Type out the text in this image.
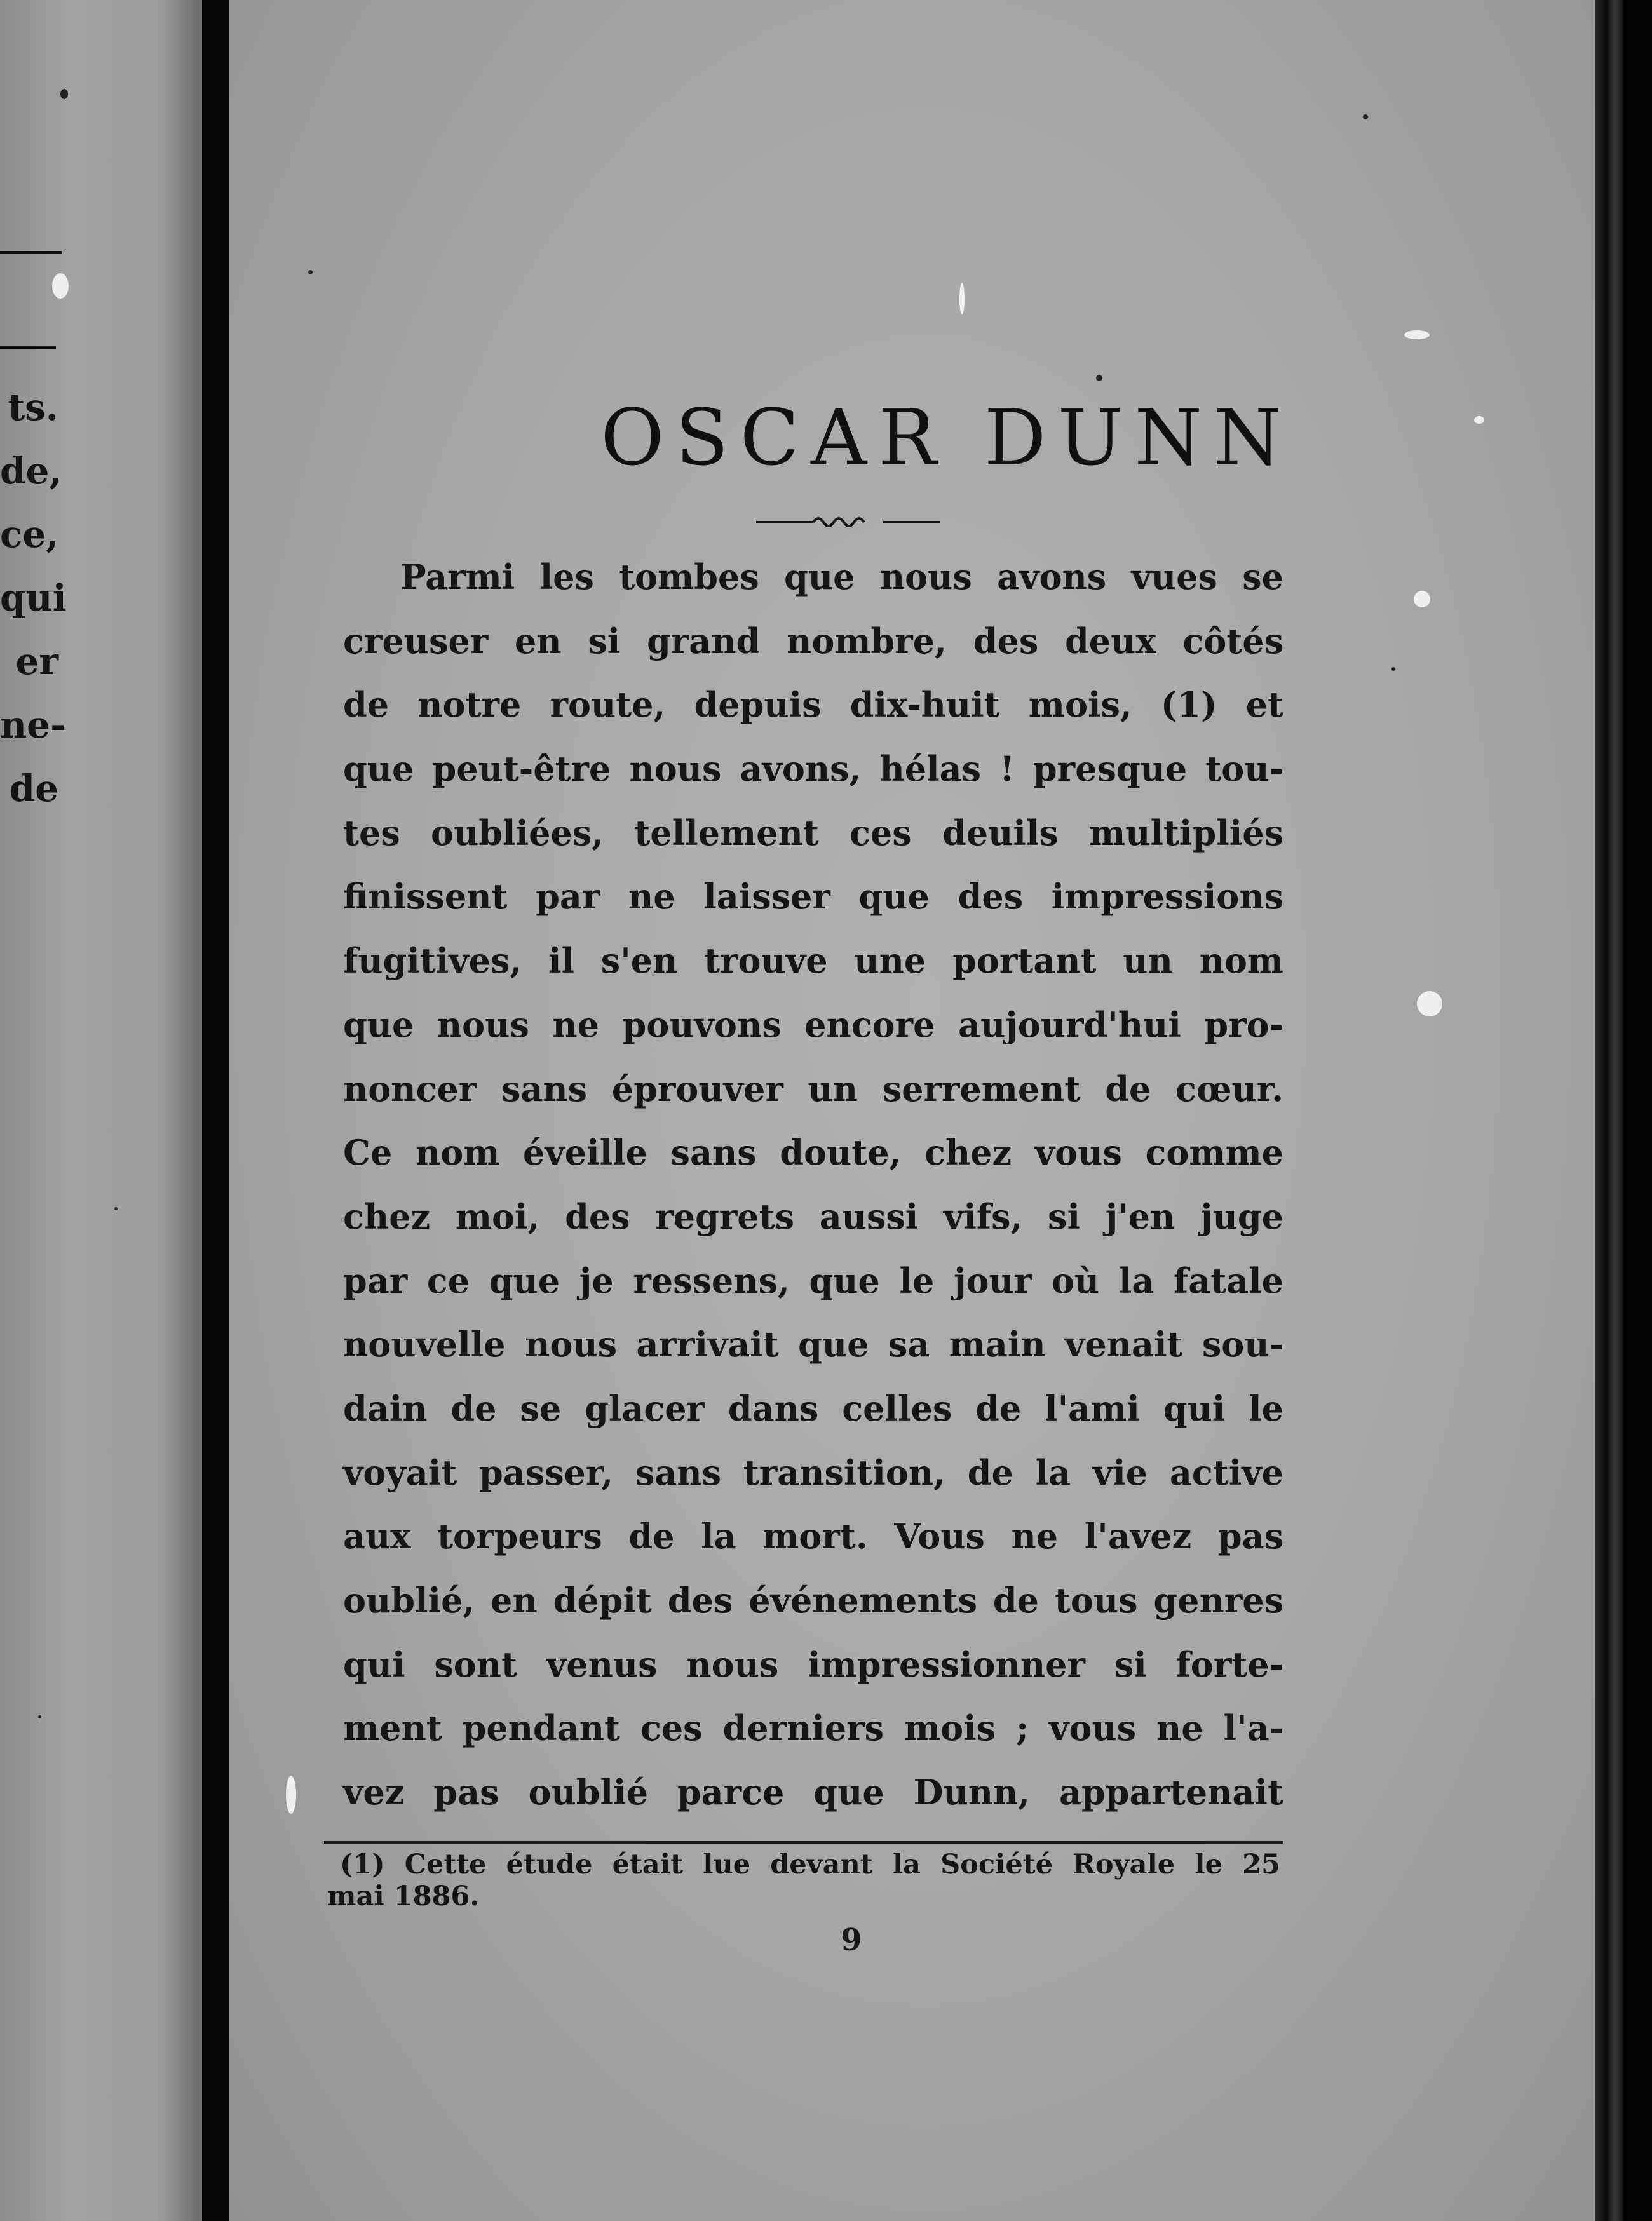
ts.
de,
ce,
qui
er
ne-
de
OSCAR DUNN
Parmi les tombes que nous avons vues se
creuser en si grand nombre, des deux côtés
de notre route, depuis dix-huit mois, (1) et
que peut-être nous avons, hélas ! presque tou-
tes oubliées, tellement ces deuils multipliés
finissent par ne laisser que des impressions
fugitives, il s'en trouve une portant un nom
que nous ne pouvons encore aujourd'hui pro-
noncer sans éprouver un serrement de cœur.
Ce nom éveille sans doute, chez vous comme
chez moi, des regrets aussi vifs, si j'en juge
par ce que je ressens, que le jour où la fatale
nouvelle nous arrivait que sa main venait sou-
dain de se glacer dans celles de l'ami qui le
voyait passer, sans transition, de la vie active
aux torpeurs de la mort. Vous ne l'avez pas
oublié, en dépit des événements de tous genres
qui sont venus nous impressionner si forte-
ment pendant ces derniers mois ; vous ne l'a-
vez pas oublié parce que Dunn, appartenait
(1) Cette étude était lue devant la Société Royale le 25
mai 1886.
9
